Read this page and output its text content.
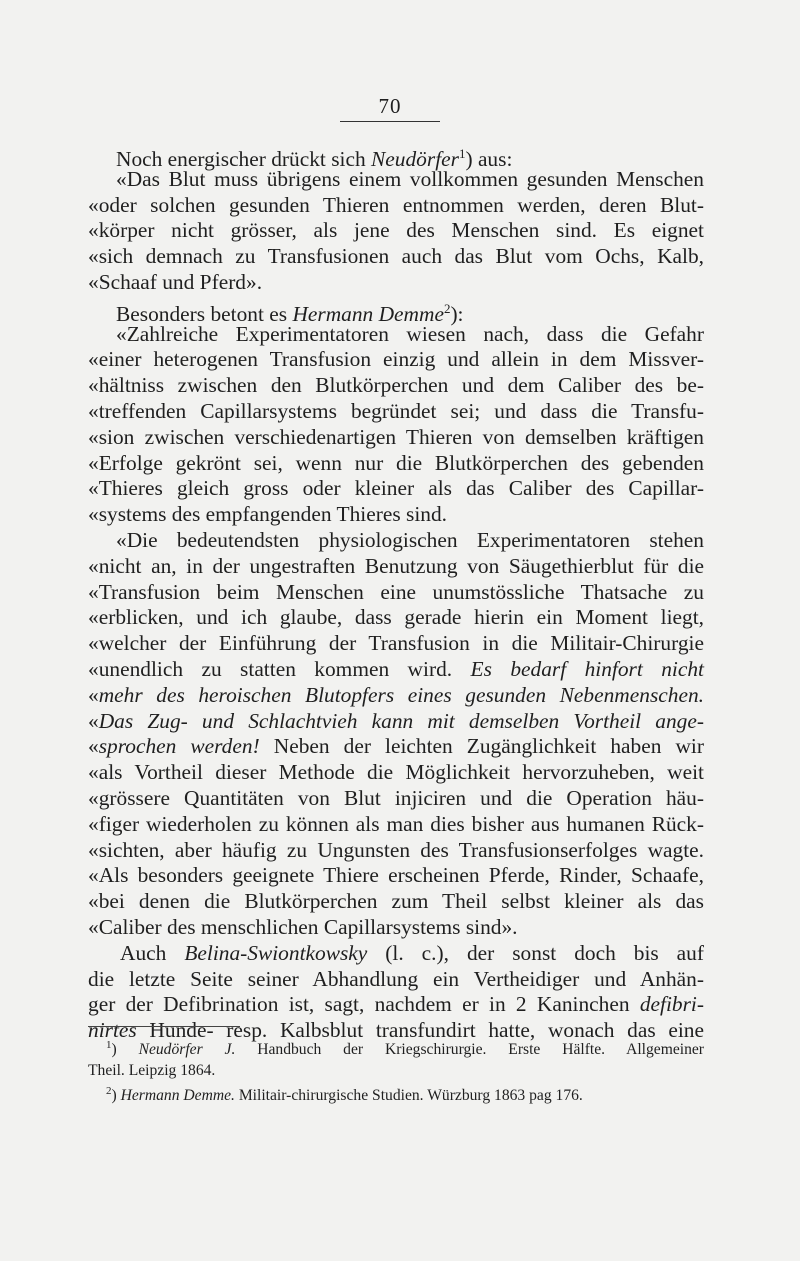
70
Noch energischer drückt sich Neudörfer$^1$) aus:
«Das Blut muss übrigens einem vollkommen gesunden Menschen
«oder solchen gesunden Thieren entnommen werden, deren Blut-
«körper nicht grösser, als jene des Menschen sind. Es eignet
«sich demnach zu Transfusionen auch das Blut vom Ochs, Kalb,
«Schaaf und Pferd».
Besonders betont es Hermann Demme$^2$):
«Zahlreiche Experimentatoren wiesen nach, dass die Gefahr
«einer heterogenen Transfusion einzig und allein in dem Missver-
«hältniss zwischen den Blutkörperchen und dem Caliber des be-
«treffenden Capillarsystems begründet sei; und dass die Transfu-
«sion zwischen verschiedenartigen Thieren von demselben kräftigen
«Erfolge gekrönt sei, wenn nur die Blutkörperchen des gebenden
«Thieres gleich gross oder kleiner als das Caliber des Capillar-
«systems des empfangenden Thieres sind.
«Die bedeutendsten physiologischen Experimentatoren stehen
«nicht an, in der ungestraften Benutzung von Säugethierblut für die
«Transfusion beim Menschen eine unumstössliche Thatsache zu
«erblicken, und ich glaube, dass gerade hierin ein Moment liegt,
«welcher der Einführung der Transfusion in die Militair-Chirurgie
«unendlich zu statten kommen wird. Es bedarf hinfort nicht
«mehr des heroischen Blutopfers eines gesunden Nebenmenschen.
«Das Zug- und Schlachtvieh kann mit demselben Vortheil ange-
«sprochen werden! Neben der leichten Zugänglichkeit haben wir
«als Vortheil dieser Methode die Möglichkeit hervorzuheben, weit
«grössere Quantitäten von Blut injiciren und die Operation häu-
«figer wiederholen zu können als man dies bisher aus humanen Rück-
«sichten, aber häufig zu Ungunsten des Transfusionserfolges wagte.
«Als besonders geeignete Thiere erscheinen Pferde, Rinder, Schaafe,
«bei denen die Blutkörperchen zum Theil selbst kleiner als das
«Caliber des menschlichen Capillarsystems sind».
Auch Belina-Swiontkowsky (l. c.), der sonst doch bis auf
die letzte Seite seiner Abhandlung ein Vertheidiger und Anhän-
ger der Defibrination ist, sagt, nachdem er in 2 Kaninchen defibri-
nirtes Hunde- resp. Kalbsblut transfundirt hatte, wonach das eine
$^1$) Neudörfer J. Handbuch der Kriegschirurgie. Erste Hälfte. Allgemeiner
Theil. Leipzig 1864.
$^2$) Hermann Demme. Militair-chirurgische Studien. Würzburg 1863 pag 176.
